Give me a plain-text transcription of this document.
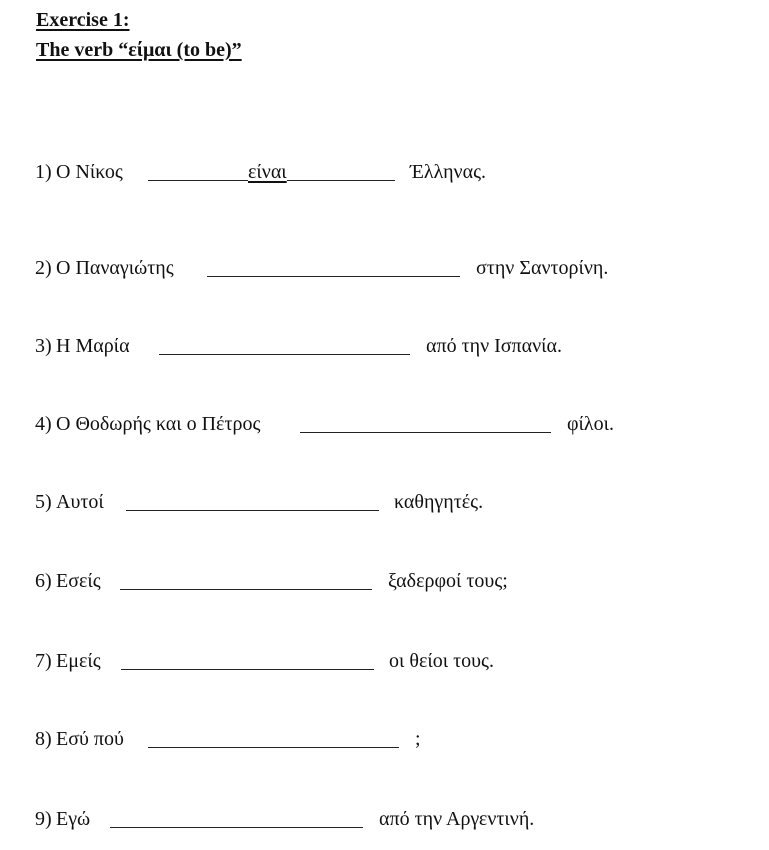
Exercise 1:
The verb “είμαι (to be)”
1) Ο Νίκος	είναι	Έλληνας.
2) Ο Παναγιώτης	στην Σαντορίνη.
3) Η Μαρία	από την Ισπανία.
4) Ο Θοδωρής και ο Πέτρος	φίλοι.
5) Αυτοί	καθηγητές.
6) Εσείς	ξαδερφοί τους;
7) Εμείς	οι θείοι τους.
8) Εσύ πού	;
9) Εγώ	από την Αργεντινή.
